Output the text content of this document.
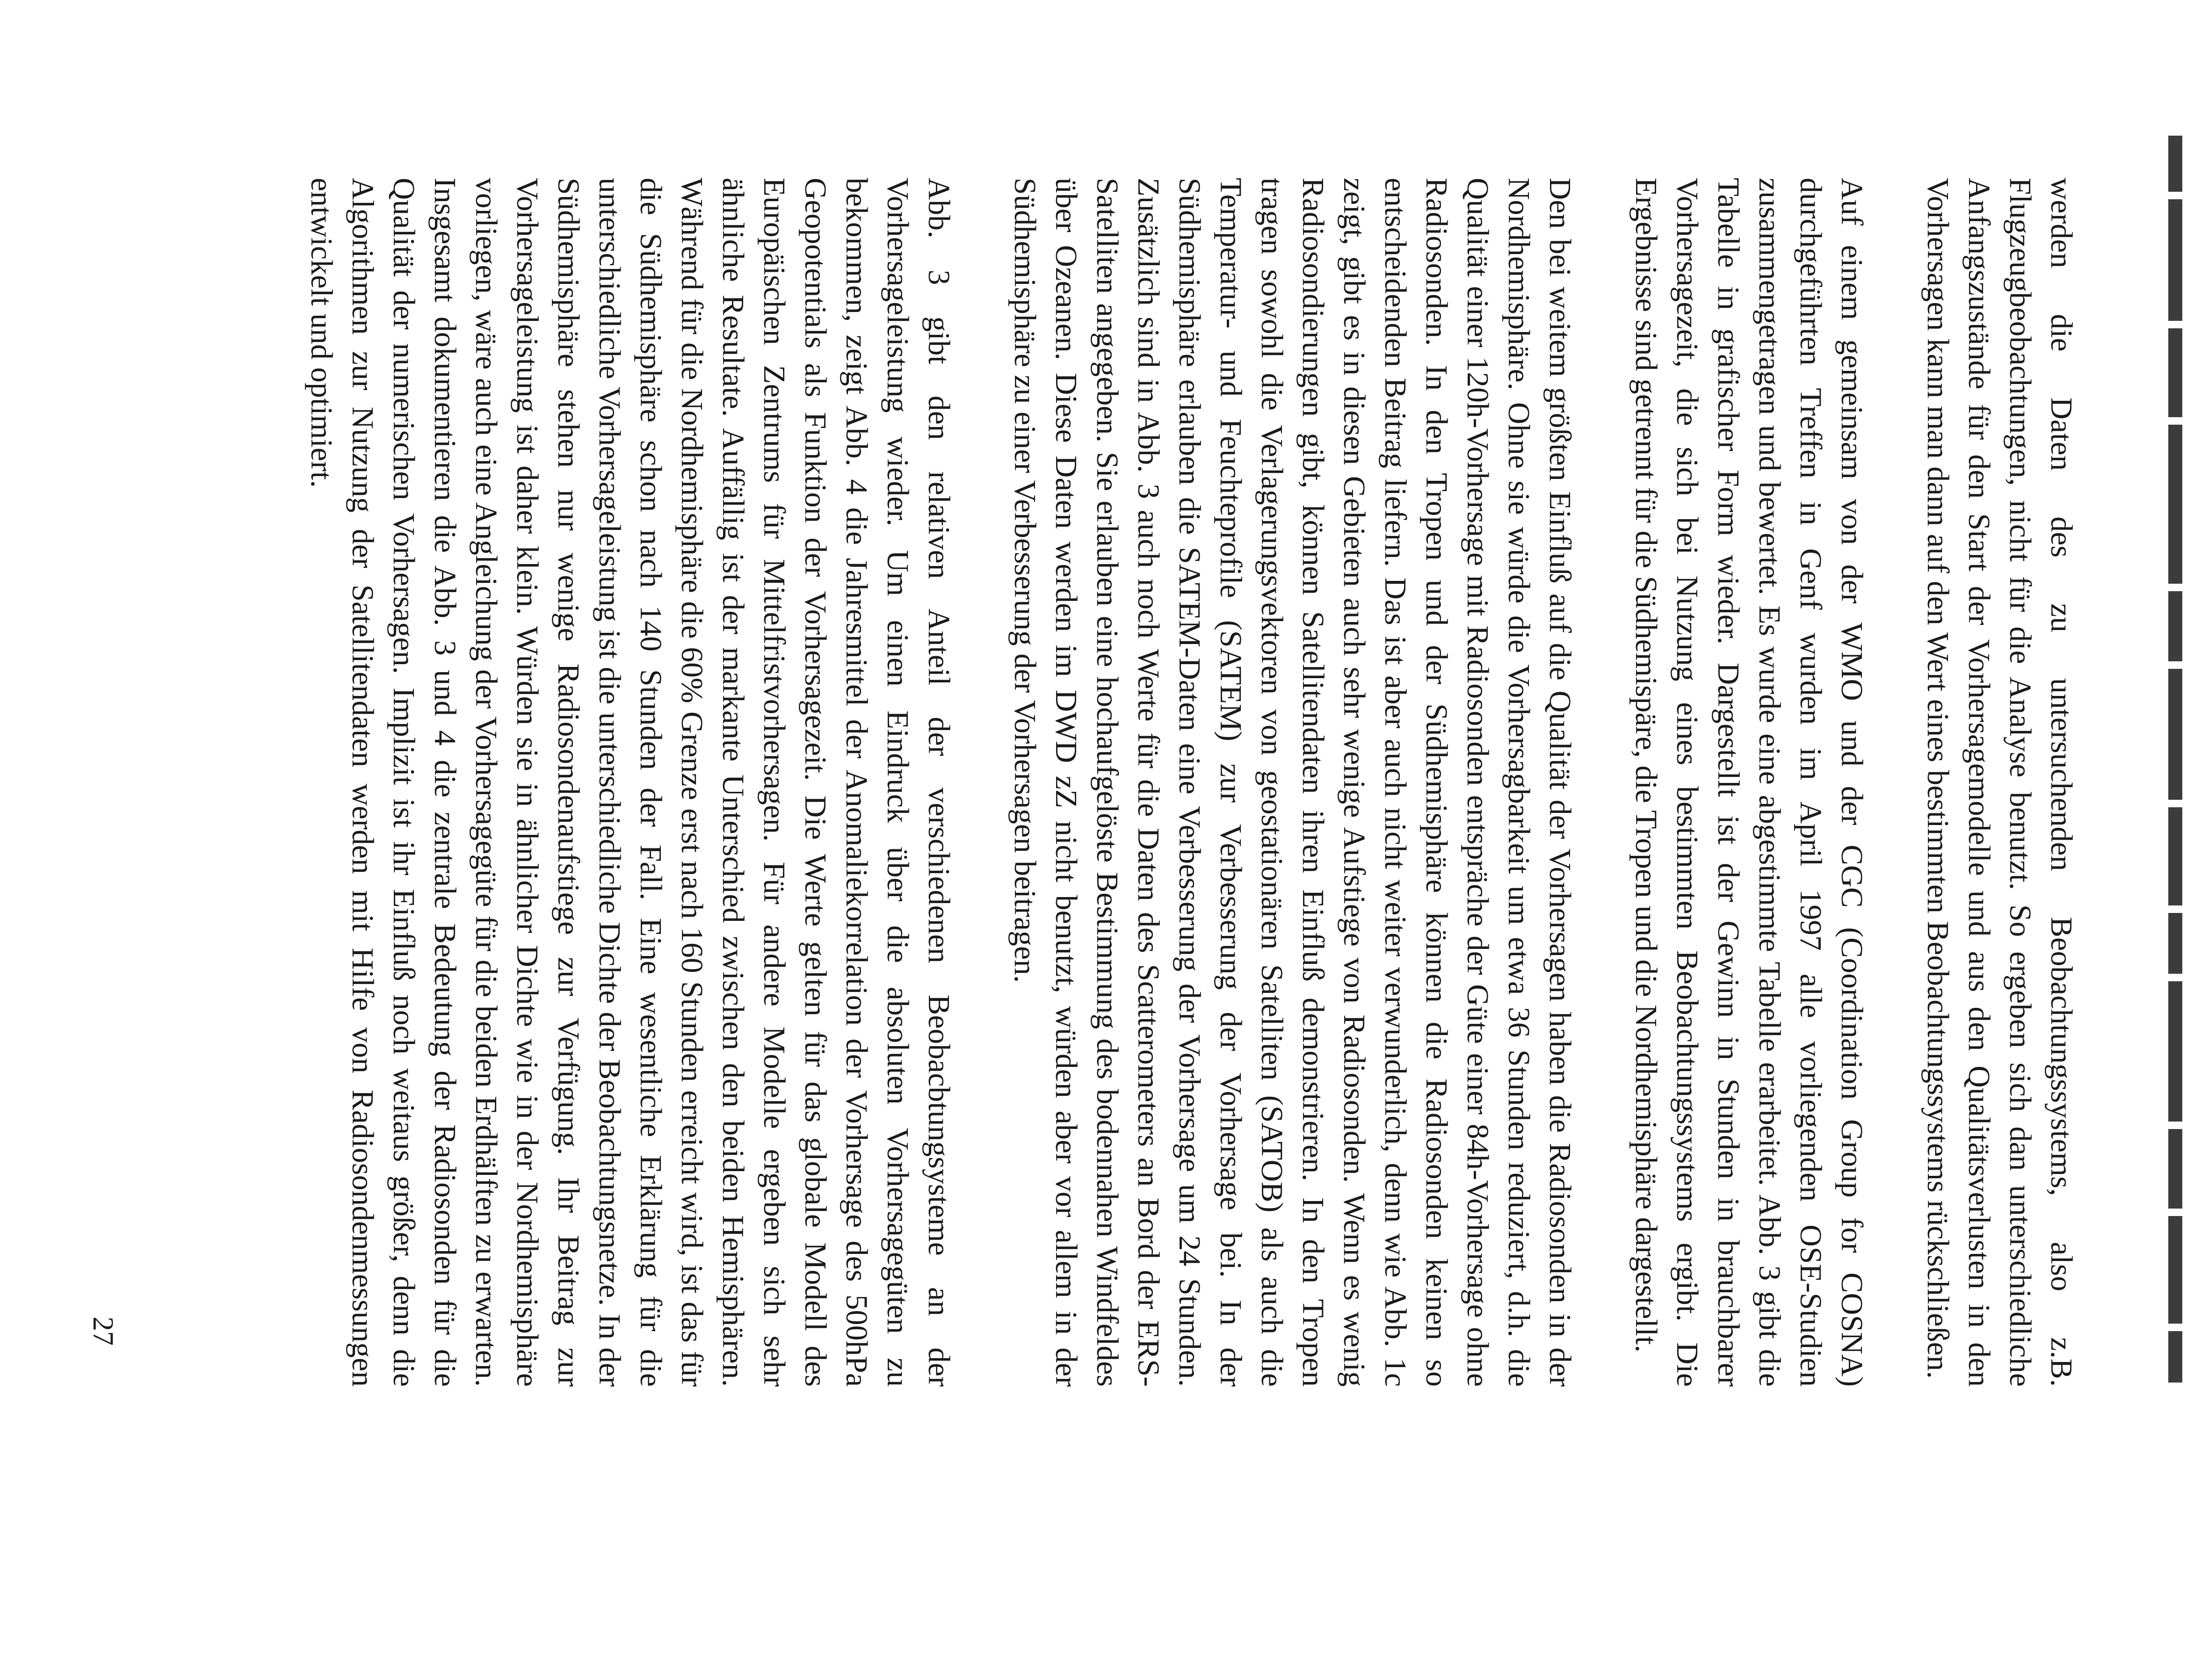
werden die Daten des zu untersuchenden Beobachtungssystems, also z.B. Flugzeugbeobachtungen, nicht für die Analyse benutzt. So ergeben sich dan unterschiedliche Anfangszustände für den Start der Vorhersagemodelle und aus den Qualitätsverlusten in den Vorhersagen kann man dann auf den Wert eines bestimmten Beobachtungssystems rückschließen.

Auf einem gemeinsam von der WMO und der CGC (Coordination Group for COSNA) durchgeführten Treffen in Genf wurden im April 1997 alle vorliegenden OSE-Studien zusammengetragen und bewertet. Es wurde eine abgestimmte Tabelle erarbeitet. Abb. 3 gibt die Tabelle in grafischer Form wieder. Dargestellt ist der Gewinn in Stunden in brauchbarer Vorhersagezeit, die sich bei Nutzung eines bestimmten Beobachtungssystems ergibt. Die Ergebnisse sind getrennt für die Südhemispäre, die Tropen und die Nordhemisphäre dargestellt.

Den bei weitem größten Einfluß auf die Qualität der Vorhersagen haben die Radiosonden in der Nordhemisphäre. Ohne sie würde die Vorhersagbarkeit um etwa 36 Stunden reduziert, d.h. die Qualität einer 120h-Vorhersage mit Radiosonden entspräche der Güte einer 84h-Vorhersage ohne Radiosonden. In den Tropen und der Südhemisphäre können die Radiosonden keinen so entscheidenden Beitrag liefern. Das ist aber auch nicht weiter verwunderlich, denn wie Abb. 1c zeigt, gibt es in diesen Gebieten auch sehr wenige Aufstiege von Radiosonden. Wenn es wenig Radiosondierungen gibt, können Satellitendaten ihren Einfluß demonstrieren. In den Tropen tragen sowohl die Verlagerungsvektoren von geostationären Satelliten (SATOB) als auch die Temperatur- und Feuchteprofile (SATEM) zur Verbesserung der Vorhersage bei. In der Südhemisphäre erlauben die SATEM-Daten eine Verbesserung der Vorhersage um 24 Stunden. Zusätzlich sind in Abb. 3 auch noch Werte für die Daten des Scatterometers an Bord der ERS-Satelliten angegeben. Sie erlauben eine hochaufgelöste Bestimmung des bodennahen Windfeldes über Ozeanen. Diese Daten werden im DWD zZ nicht benutzt, würden aber vor allem in der Südhemisphäre zu einer Verbesserung der Vorhersagen beitragen.

Abb. 3 gibt den relativen Anteil der verschiedenen Beobacbtungsysteme an der Vorhersageleistung wieder. Um einen Eindruck über die absoluten Vorhersagegüten zu bekommen, zeigt Abb. 4 die Jahresmittel der Anomaliekorrelation der Vorhersage des 500hPa Geopotentials als Funktion der Vorhersagezeit. Die Werte gelten für das globale Modell des Europäischen Zentrums für Mittelfristvorhersagen. Für andere Modelle ergeben sich sehr ähnliche Resultate. Auffällig ist der markante Unterschied zwischen den beiden Hemisphären. Während für die Nordhemisphäre die 60% Grenze erst nach 160 Stunden erreicht wird, ist das für die Südhemisphäre schon nach 140 Stunden der Fall. Eine wesentliche Erklärung für die unterschiedliche Vorhersageleistung ist die unterschiedliche Dichte der Beobachtungsnetze. In der Südhemisphäre stehen nur wenige Radiosondenaufstiege zur Verfügung. Ihr Beitrag zur Vorhersageleistung ist daher klein. Würden sie in ähnlicher Dichte wie in der Nordhemisphäre vorliegen, wäre auch eine Angleichung der Vorhersagegüte für die beiden Erdhälften zu erwarten. Insgesamt dokumentieren die Abb. 3 und 4 die zentrale Bedeutung der Radiosonden für die Qualität der numerischen Vorhersagen. Implizit ist ihr Einfluß noch weitaus größer, denn die Algorithmen zur Nutzung der Satellitendaten werden mit Hilfe von Radiosondenmessungen entwickelt und optimiert.

27
